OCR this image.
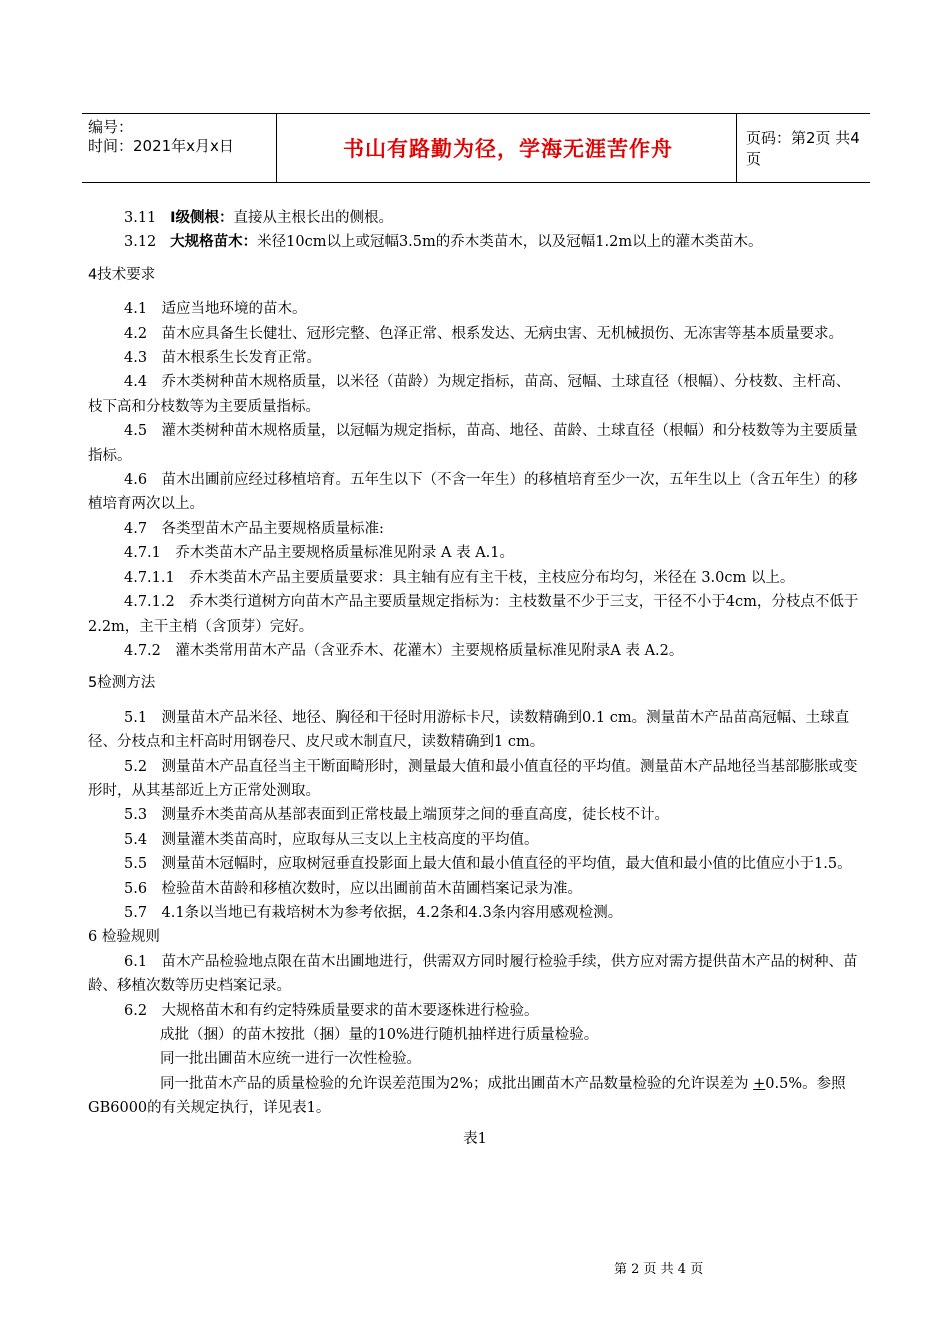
编号：
时间：2021年x月x日	书山有路勤为径，学海无涯苦作舟	页码：第2页 共4页

3.11 Ⅰ级侧根：直接从主根长出的侧根。

3.12 大规格苗木：米径10cm以上或冠幅3.5m的乔木类苗木，以及冠幅1.2m以上的灌木类苗木。

4技术要求

4.1　适应当地环境的苗木。

4.2　苗木应具备生长健壮、冠形完整、色泽正常、根系发达、无病虫害、无机械损伤、无冻害等基本质量要求。

4.3　苗木根系生长发育正常。

4.4　乔木类树种苗木规格质量，以米径（苗龄）为规定指标，苗高、冠幅、土球直径（根幅）、分枝数、主杆高、枝下高和分枝数等为主要质量指标。

4.5　灌木类树种苗木规格质量，以冠幅为规定指标，苗高、地径、苗龄、土球直径（根幅）和分枝数等为主要质量指标。

4.6　苗木出圃前应经过移植培育。五年生以下（不含一年生）的移植培育至少一次，五年生以上（含五年生）的移植培育两次以上。

4.7　各类型苗木产品主要规格质量标准:

4.7.1　乔木类苗木产品主要规格质量标准见附录 A 表 A.1。

4.7.1.1　乔木类苗木产品主要质量要求：具主轴有应有主干枝，主枝应分布均匀，米径在 3.0cm 以上。

4.7.1.2　乔木类行道树方向苗木产品主要质量规定指标为：主枝数量不少于三支，干径不小于4cm，分枝点不低于2.2m，主干主梢（含顶芽）完好。

4.7.2　灌木类常用苗木产品（含亚乔木、花灌木）主要规格质量标准见附录A 表 A.2。

5检测方法

5.1　测量苗木产品米径、地径、胸径和干径时用游标卡尺，读数精确到0.1 cm。测量苗木产品苗高冠幅、土球直径、分枝点和主杆高时用钢卷尺、皮尺或木制直尺，读数精确到1 cm。

5.2　测量苗木产品直径当主干断面畸形时，测量最大值和最小值直径的平均值。测量苗木产品地径当基部膨胀或变形时，从其基部近上方正常处测取。

5.3　测量乔木类苗高从基部表面到正常枝最上端顶芽之间的垂直高度，徒长枝不计。

5.4　测量灌木类苗高时，应取每从三支以上主枝高度的平均值。

5.5　测量苗木冠幅时，应取树冠垂直投影面上最大值和最小值直径的平均值，最大值和最小值的比值应小于1.5。

5.6　检验苗木苗龄和移植次数时，应以出圃前苗木苗圃档案记录为准。

5.7　4.1条以当地已有栽培树木为参考依据，4.2条和4.3条内容用感观检测。

6 检验规则

6.1　苗木产品检验地点限在苗木出圃地进行，供需双方同时履行检验手续，供方应对需方提供苗木产品的树种、苗龄、移植次数等历史档案记录。

6.2　大规格苗木和有约定特殊质量要求的苗木要逐株进行检验。

成批（捆）的苗木按批（捆）量的10%进行随机抽样进行质量检验。

同一批出圃苗木应统一进行一次性检验。

同一批苗木产品的质量检验的允许误差范围为2%；成批出圃苗木产品数量检验的允许误差为 +0.5%。参照GB6000的有关规定执行，详见表1。

表1

第 2 页 共 4 页
